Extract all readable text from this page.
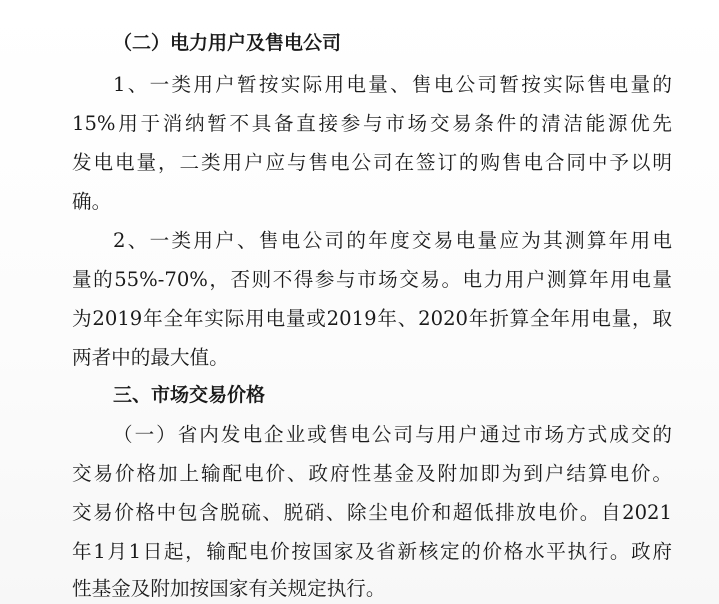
（二）电力用户及售电公司
1、一类用户暂按实际用电量、售电公司暂按实际售电量的
15%用于消纳暂不具备直接参与市场交易条件的清洁能源优先
发电电量，二类用户应与售电公司在签订的购售电合同中予以明
确。
2、一类用户、售电公司的年度交易电量应为其测算年用电
量的55%-70%，否则不得参与市场交易。电力用户测算年用电量
为2019年全年实际用电量或2019年、2020年折算全年用电量，取
两者中的最大值。
三、市场交易价格
（一）省内发电企业或售电公司与用户通过市场方式成交的
交易价格加上输配电价、政府性基金及附加即为到户结算电价。
交易价格中包含脱硫、脱硝、除尘电价和超低排放电价。自2021
年1月1日起，输配电价按国家及省新核定的价格水平执行。政府
性基金及附加按国家有关规定执行。
